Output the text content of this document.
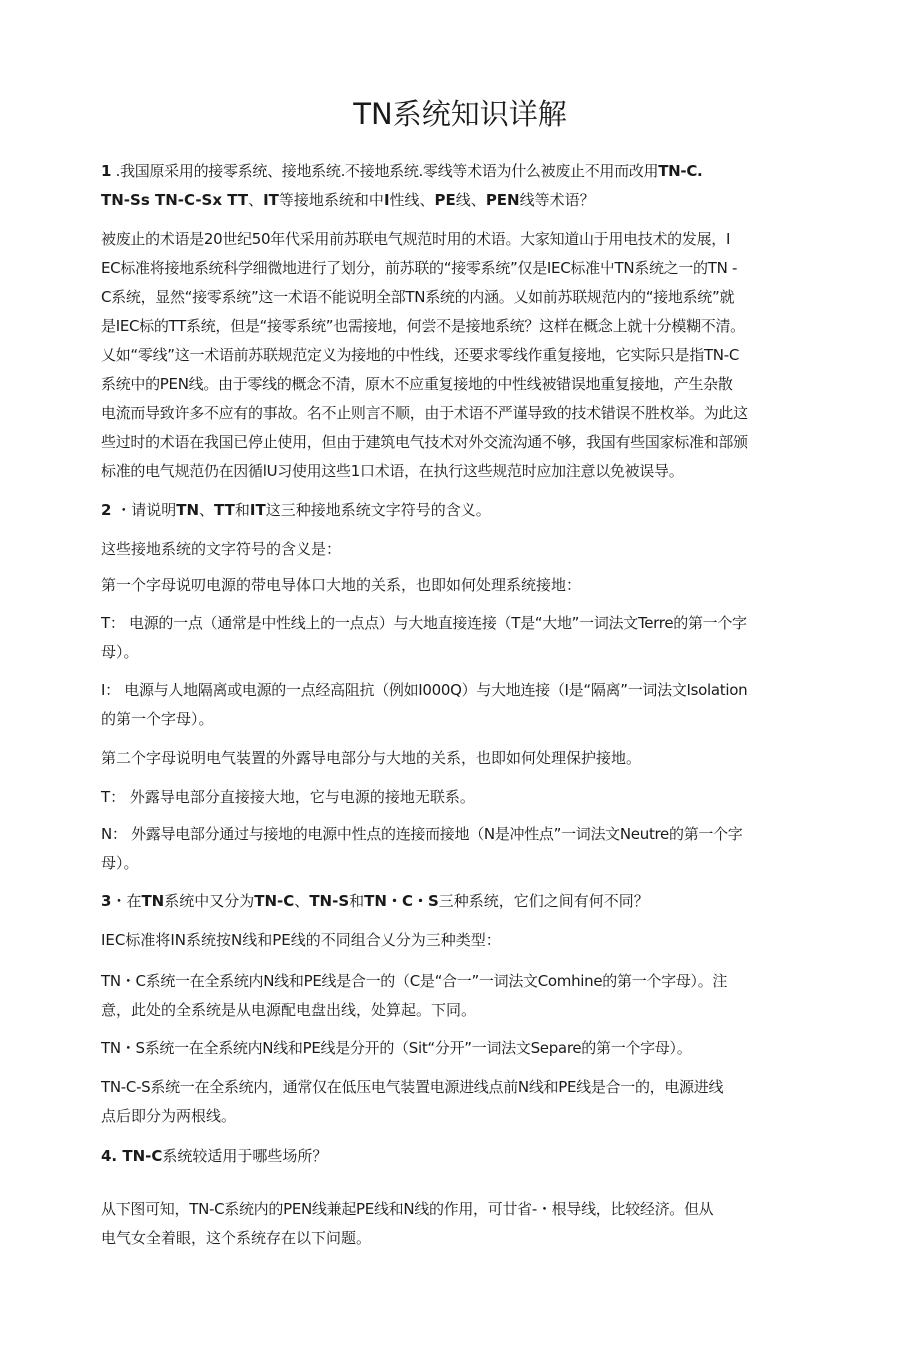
TN系统知识详解
1 .我国原采用的接零系统、接地系统.不接地系统.零线等术语为什么被废止不用而改用TN-C.
TN-Ss TN-C-Sx TT、IT等接地系统和中I性线、PE线、PEN线等术语？
被废止的术语是20世纪50年代采用前苏联电气规范时用的术语。大家知道山于用电技术的发展，I
EC标准将接地系统科学细微地进行了划分，前苏联的“接零系统”仅是IEC标准屮TN系统之一的TN -
C系统，显然“接零系统”这一术语不能说明全部TN系统的内涵。乂如前苏联规范内的“接地系统”就
是IEC标的TT系统，但是“接零系统”也需接地，何尝不是接地系统？这样在概念上就十分模糊不清。
乂如“零线”这一术语前苏联规范定义为接地的中性线，还要求零线作重复接地，它实际只是指TN-C
系统中的PEN线。由于零线的概念不清，原木不应重复接地的中性线被错误地重复接地，产生杂散
电流而导致许多不应有的事故。名不止则言不顺，由于术语不严谨导致的技术错误不胜枚举。为此这
些过时的术语在我国已停止使用，但由于建筑电气技术对外交流沟通不够，我国有些国家标准和部颁
标准的电气规范仍在因循lU习使用这些1口术语，在执行这些规范时应加注意以免被误导。
2 ・请说明TN、TT和IT这三种接地系统文字符号的含义。
这些接地系统的文字符号的含义是：
第一个字母说叨电源的带电导体口大地的关系，也即如何处理系统接地：
T： 电源的一点（通常是中性线上的一点点）与大地直接连接（T是“大地”一词法文Terre的第一个字
母）。
I： 电源与人地隔离或电源的一点经高阻抗（例如I000Q）与大地连接（I是“隔离”一词法文Isolation
的第一个字母）。
第二个字母说明电气装置的外露导电部分与大地的关系，也即如何处理保护接地。
T： 外露导电部分直接接大地，它与电源的接地无联系。
N： 外露导电部分通过与接地的电源中性点的连接而接地（N是冲性点”一词法文Neutre的第一个字
母）。
3・在TN系统中又分为TN-C、TN-S和TN・C・S三种系统，它们之间有何不同？
IEC标准将IN系统按N线和PE线的不同组合乂分为三种类型：
TN・C系统一在全系统内N线和PE线是合一的（C是“合一”一词法文Comhine的第一个字母）。注
意，此处的全系统是从电源配电盘出线，处算起。下同。
TN・S系统一在全系统内N线和PE线是分开的（Sit“分开”一词法文Separe的第一个字母）。
TN-C-S系统一在全系统内，通常仅在低压电气装置电源进线点前N线和PE线是合一的，电源进线
点后即分为两根线。
4. TN-C系统较适用于哪些场所？
从下图可知，TN-C系统内的PEN线兼起PE线和N线的作用，可廿省-・根导线，比较经济。但从
电气女全着眼，这个系统存在以下问题。
